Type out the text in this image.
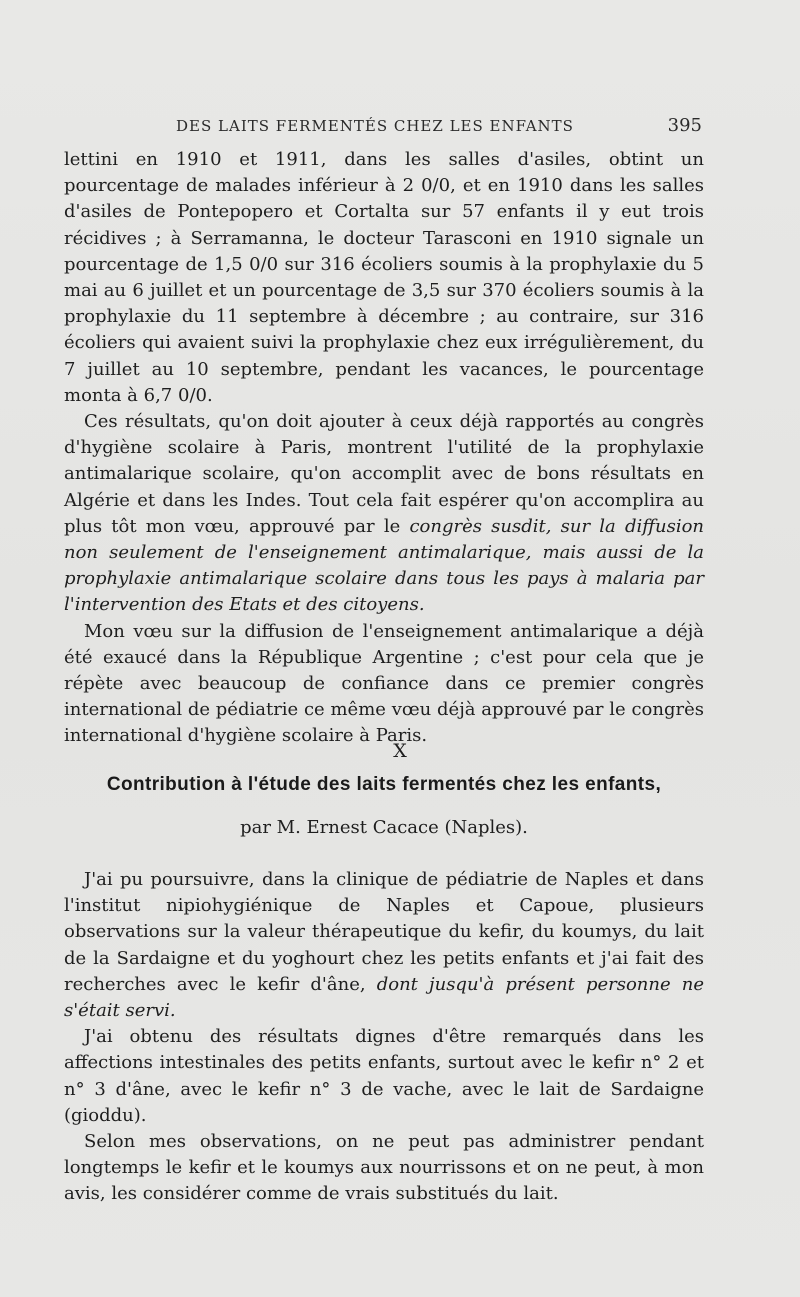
DES LAITS FERMENTÉS CHEZ LES ENFANTS	395

lettini en 1910 et 1911, dans les salles d'asiles, obtint un pourcentage de malades inférieur à 2 0/0, et en 1910 dans les salles d'asiles de Pontepopero et Cortalta sur 57 enfants il y eut trois récidives ; à Serramanna, le docteur Tarasconi en 1910 signale un pourcentage de 1,5 0/0 sur 316 écoliers soumis à la prophylaxie du 5 mai au 6 juillet et un pourcentage de 3,5 sur 370 écoliers soumis à la prophylaxie du 11 septembre à décembre ; au contraire, sur 316 écoliers qui avaient suivi la prophylaxie chez eux irrégulièrement, du 7 juillet au 10 septembre, pendant les vacances, le pourcentage monta à 6,7 0/0.

Ces résultats, qu'on doit ajouter à ceux déjà rapportés au congrès d'hygiène scolaire à Paris, montrent l'utilité de la prophylaxie antimalarique scolaire, qu'on accomplit avec de bons résultats en Algérie et dans les Indes. Tout cela fait espérer qu'on accomplira au plus tôt mon vœu, approuvé par le congrès susdit, sur la diffusion non seulement de l'enseignement antimalarique, mais aussi de la prophylaxie antimalarique scolaire dans tous les pays à malaria par l'intervention des Etats et des citoyens.

Mon vœu sur la diffusion de l'enseignement antimalarique a déjà été exaucé dans la République Argentine ; c'est pour cela que je répète avec beaucoup de confiance dans ce premier congrès international de pédiatrie ce même vœu déjà approuvé par le congrès international d'hygiène scolaire à Paris.

X
Contribution à l'étude des laits fermentés chez les enfants,
par M. Ernest Cacace (Naples).

J'ai pu poursuivre, dans la clinique de pédiatrie de Naples et dans l'institut nipiohygiénique de Naples et Capoue, plusieurs observations sur la valeur thérapeutique du kefir, du koumys, du lait de la Sardaigne et du yoghourt chez les petits enfants et j'ai fait des recherches avec le kefir d'âne, dont jusqu'à présent personne ne s'était servi.

J'ai obtenu des résultats dignes d'être remarqués dans les affections intestinales des petits enfants, surtout avec le kefir n° 2 et n° 3 d'âne, avec le kefir n° 3 de vache, avec le lait de Sardaigne (gioddu).

Selon mes observations, on ne peut pas administrer pendant longtemps le kefir et le koumys aux nourrissons et on ne peut, à mon avis, les considérer comme de vrais substitués du lait.
